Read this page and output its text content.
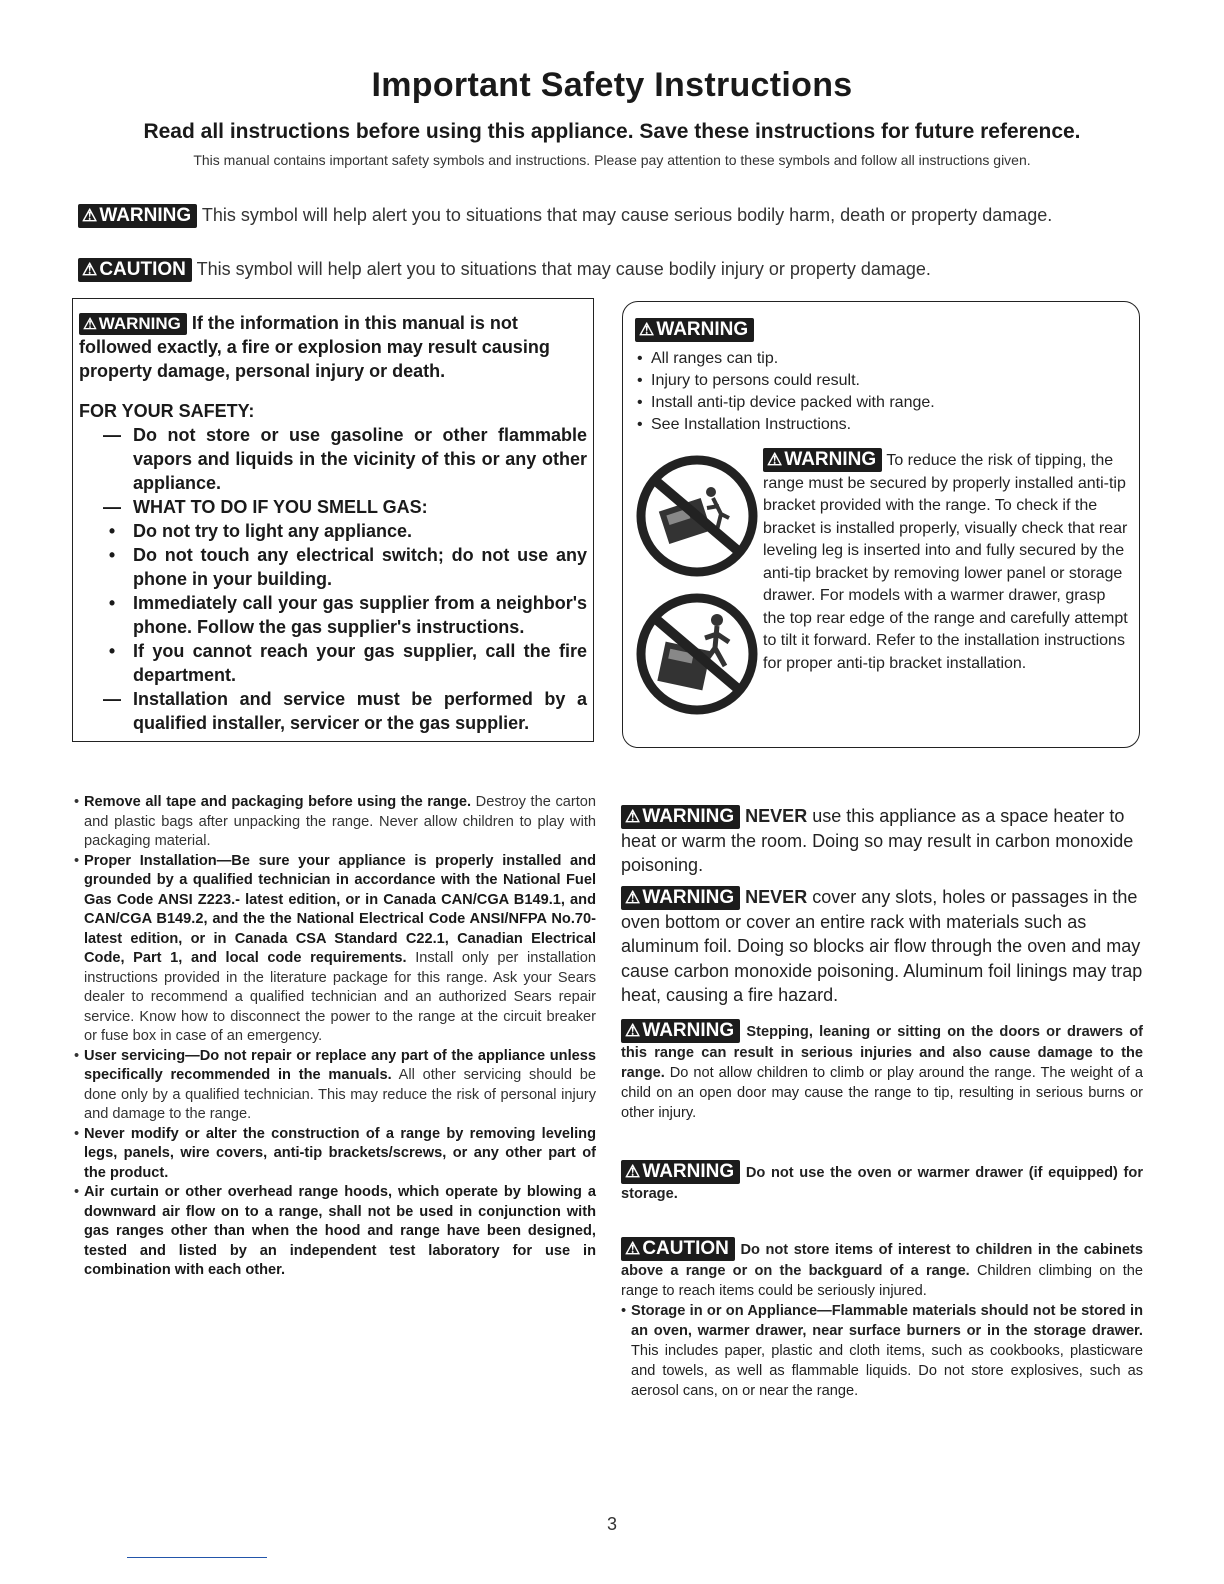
Important Safety Instructions
Read all instructions before using this appliance. Save these instructions for future reference.
This manual contains important safety symbols and instructions. Please pay attention to these symbols and follow all instructions given.
⚠ WARNING This symbol will help alert you to situations that may cause serious bodily harm, death or property damage.
⚠ CAUTION This symbol will help alert you to situations that may cause bodily injury or property damage.
⚠ WARNING If the information in this manual is not followed exactly, a fire or explosion may result causing property damage, personal injury or death.
FOR YOUR SAFETY:
— Do not store or use gasoline or other flammable vapors and liquids in the vicinity of this or any other appliance.
— WHAT TO DO IF YOU SMELL GAS:
• Do not try to light any appliance.
• Do not touch any electrical switch; do not use any phone in your building.
• Immediately call your gas supplier from a neighbor's phone. Follow the gas supplier's instructions.
• If you cannot reach your gas supplier, call the fire department.
— Installation and service must be performed by a qualified installer, servicer or the gas supplier.
⚠ WARNING
• All ranges can tip.
• Injury to persons could result.
• Install anti-tip device packed with range.
• See Installation Instructions.
⚠ WARNING To reduce the risk of tipping, the range must be secured by properly installed anti-tip bracket provided with the range. To check if the bracket is installed properly, visually check that rear leveling leg is inserted into and fully secured by the anti-tip bracket by removing lower panel or storage drawer. For models with a warmer drawer, grasp the top rear edge of the range and carefully attempt to tilt it forward. Refer to the installation instructions for proper anti-tip bracket installation.
• Remove all tape and packaging before using the range. Destroy the carton and plastic bags after unpacking the range. Never allow children to play with packaging material.
• Proper Installation—Be sure your appliance is properly installed and grounded by a qualified technician in accordance with the National Fuel Gas Code ANSI Z223.- latest edition, or in Canada CAN/CGA B149.1, and CAN/CGA B149.2, and the the National Electrical Code ANSI/NFPA No.70-latest edition, or in Canada CSA Standard C22.1, Canadian Electrical Code, Part 1, and local code requirements. Install only per installation instructions provided in the literature package for this range. Ask your Sears dealer to recommend a qualified technician and an authorized Sears repair service. Know how to disconnect the power to the range at the circuit breaker or fuse box in case of an emergency.
• User servicing—Do not repair or replace any part of the appliance unless specifically recommended in the manuals. All other servicing should be done only by a qualified technician. This may reduce the risk of personal injury and damage to the range.
• Never modify or alter the construction of a range by removing leveling legs, panels, wire covers, anti-tip brackets/screws, or any other part of the product.
• Air curtain or other overhead range hoods, which operate by blowing a downward air flow on to a range, shall not be used in conjunction with gas ranges other than when the hood and range have been designed, tested and listed by an independent test laboratory for use in combination with each other.
⚠ WARNING NEVER use this appliance as a space heater to heat or warm the room. Doing so may result in carbon monoxide poisoning.
⚠ WARNING NEVER cover any slots, holes or passages in the oven bottom or cover an entire rack with materials such as aluminum foil. Doing so blocks air flow through the oven and may cause carbon monoxide poisoning. Aluminum foil linings may trap heat, causing a fire hazard.
⚠ WARNING Stepping, leaning or sitting on the doors or drawers of this range can result in serious injuries and also cause damage to the range. Do not allow children to climb or play around the range. The weight of a child on an open door may cause the range to tip, resulting in serious burns or other injury.
⚠ WARNING Do not use the oven or warmer drawer (if equipped) for storage.
⚠ CAUTION Do not store items of interest to children in the cabinets above a range or on the backguard of a range. Children climbing on the range to reach items could be seriously injured.
• Storage in or on Appliance—Flammable materials should not be stored in an oven, warmer drawer, near surface burners or in the storage drawer. This includes paper, plastic and cloth items, such as cookbooks, plasticware and towels, as well as flammable liquids. Do not store explosives, such as aerosol cans, on or near the range.
3
